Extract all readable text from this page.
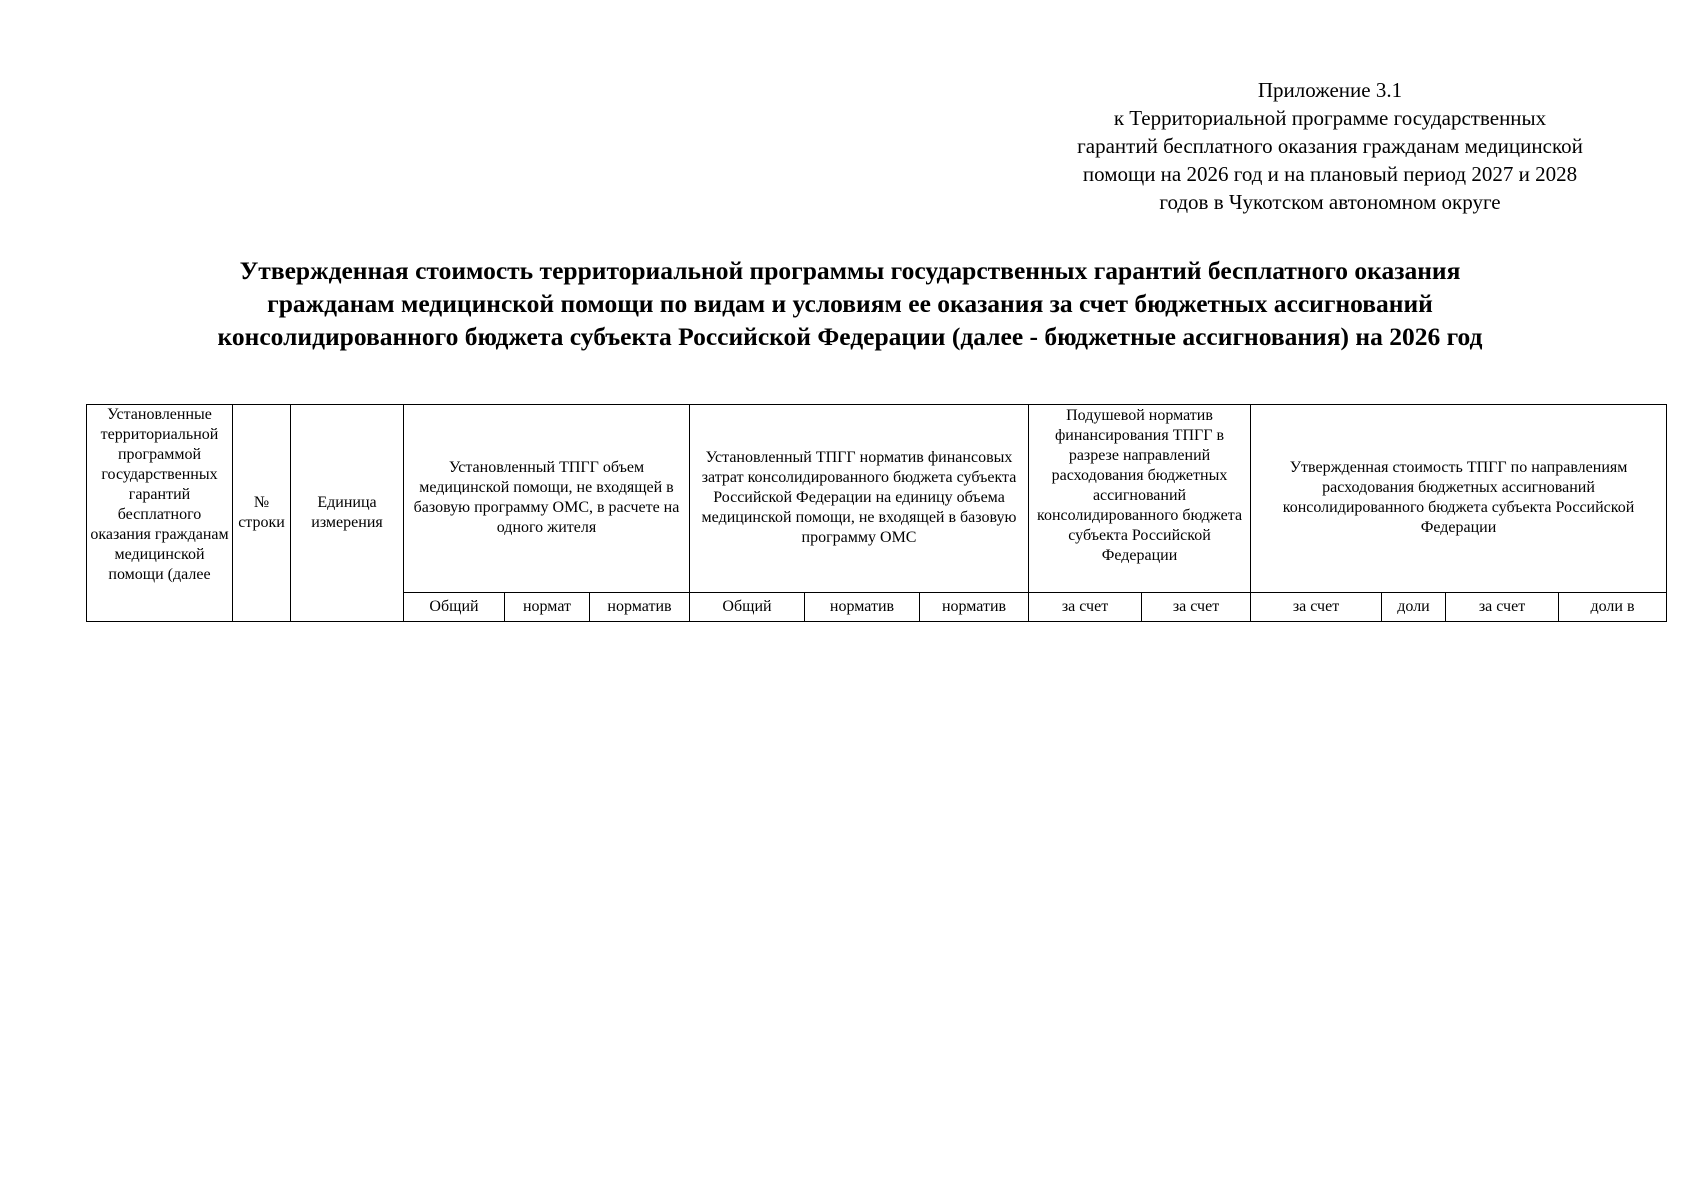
Приложение 3.1
к Территориальной программе государственных
гарантий бесплатного оказания гражданам медицинской
помощи на 2026 год и на плановый период 2027 и 2028
годов в Чукотском автономном округе
Утвержденная стоимость территориальной программы государственных гарантий бесплатного оказания
гражданам медицинской помощи по видам и условиям ее оказания за счет бюджетных ассигнований
консолидированного бюджета субъекта Российской Федерации (далее - бюджетные ассигнования) на 2026 год
Установленные территориальной программой государственных гарантий бесплатного оказания гражданам медицинской помощи (далее	№ строки	Единица измерения	Установленный ТПГГ объем медицинской помощи, не входящей в базовую программу ОМС, в расчете на одного жителя			Установленный ТПГГ норматив финансовых затрат консолидированного бюджета субъекта Российской Федерации на единицу объема медицинской помощи, не входящей в базовую программу ОМС			Подушевой норматив финансирования ТПГГ в разрезе направлений расходования бюджетных ассигнований консолидированного бюджета субъекта Российской Федерации		Утвержденная стоимость ТПГГ по направлениям расходования бюджетных ассигнований консолидированного бюджета субъекта Российской Федерации			
			Общий	нормат	норматив	Общий	норматив	норматив	за счет	за счет	за счет	доли	за счет	доли в
